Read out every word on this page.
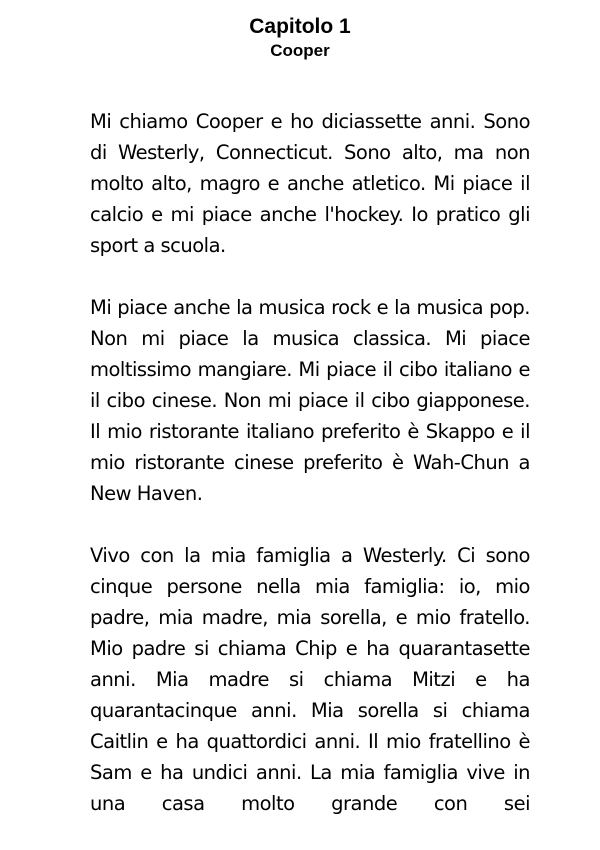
Capitolo 1
Cooper

Mi chiamo Cooper e ho diciassette anni. Sono di Westerly, Connecticut. Sono alto, ma non molto alto, magro e anche atletico. Mi piace il calcio e mi piace anche l'hockey. Io pratico gli sport a scuola.

Mi piace anche la musica rock e la musica pop. Non mi piace la musica classica. Mi piace moltissimo mangiare. Mi piace il cibo italiano e il cibo cinese. Non mi piace il cibo giapponese. Il mio ristorante italiano preferito è Skappo e il mio ristorante cinese preferito è Wah-Chun a New Haven.

Vivo con la mia famiglia a Westerly. Ci sono cinque persone nella mia famiglia: io, mio padre, mia madre, mia sorella, e mio fratello. Mio padre si chiama Chip e ha quarantasette anni. Mia madre si chiama Mitzi e ha quarantacinque anni. Mia sorella si chiama Caitlin e ha quattordici anni. Il mio fratellino è Sam e ha undici anni. La mia famiglia vive in una casa molto grande con sei
